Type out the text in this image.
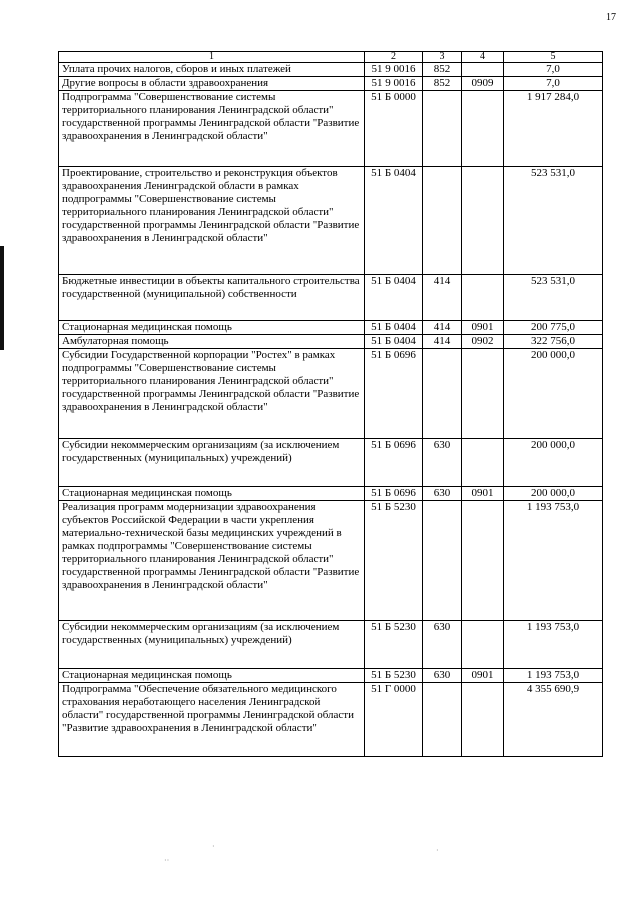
17
1	2	3	4	5
Уплата прочих налогов, сборов и иных платежей	51 9 0016	852		7,0
Другие вопросы в области здравоохранения	51 9 0016	852	0909	7,0
Подпрограмма "Совершенствование системы территориального планирования Ленинградской области" государственной программы Ленинградской области "Развитие здравоохранения в Ленинградской области"	51 Б 0000			1 917 284,0
Проектирование, строительство и реконструкция объектов здравоохранения Ленинградской области в рамках подпрограммы "Совершенствование системы территориального планирования Ленинградской области" государственной программы Ленинградской области "Развитие здравоохранения в Ленинградской области"	51 Б 0404			523 531,0
Бюджетные инвестиции в объекты капитального строительства государственной (муниципальной) собственности	51 Б 0404	414		523 531,0
Стационарная медицинская помощь	51 Б 0404	414	0901	200 775,0
Амбулаторная помощь	51 Б 0404	414	0902	322 756,0
Субсидии Государственной корпорации "Ростех" в рамках подпрограммы "Совершенствование системы территориального планирования Ленинградской области" государственной программы Ленинградской области "Развитие здравоохранения в Ленинградской области"	51 Б 0696			200 000,0
Субсидии некоммерческим организациям (за исключением государственных (муниципальных) учреждений)	51 Б 0696	630		200 000,0
Стационарная медицинская помощь	51 Б 0696	630	0901	200 000,0
Реализация программ модернизации здравоохранения субъектов Российской Федерации в части укрепления материально-технической базы медицинских учреждений в рамках подпрограммы "Совершенствование системы территориального планирования Ленинградской области" государственной программы Ленинградской области "Развитие здравоохранения в Ленинградской области"	51 Б 5230			1 193 753,0
Субсидии некоммерческим организациям (за исключением государственных (муниципальных) учреждений)	51 Б 5230	630		1 193 753,0
Стационарная медицинская помощь	51 Б 5230	630	0901	1 193 753,0
Подпрограмма "Обеспечение обязательного медицинского страхования неработающего населения Ленинградской области" государственной программы Ленинградской области "Развитие здравоохранения в Ленинградской области"	51 Г 0000			4 355 690,9
·
··
·
